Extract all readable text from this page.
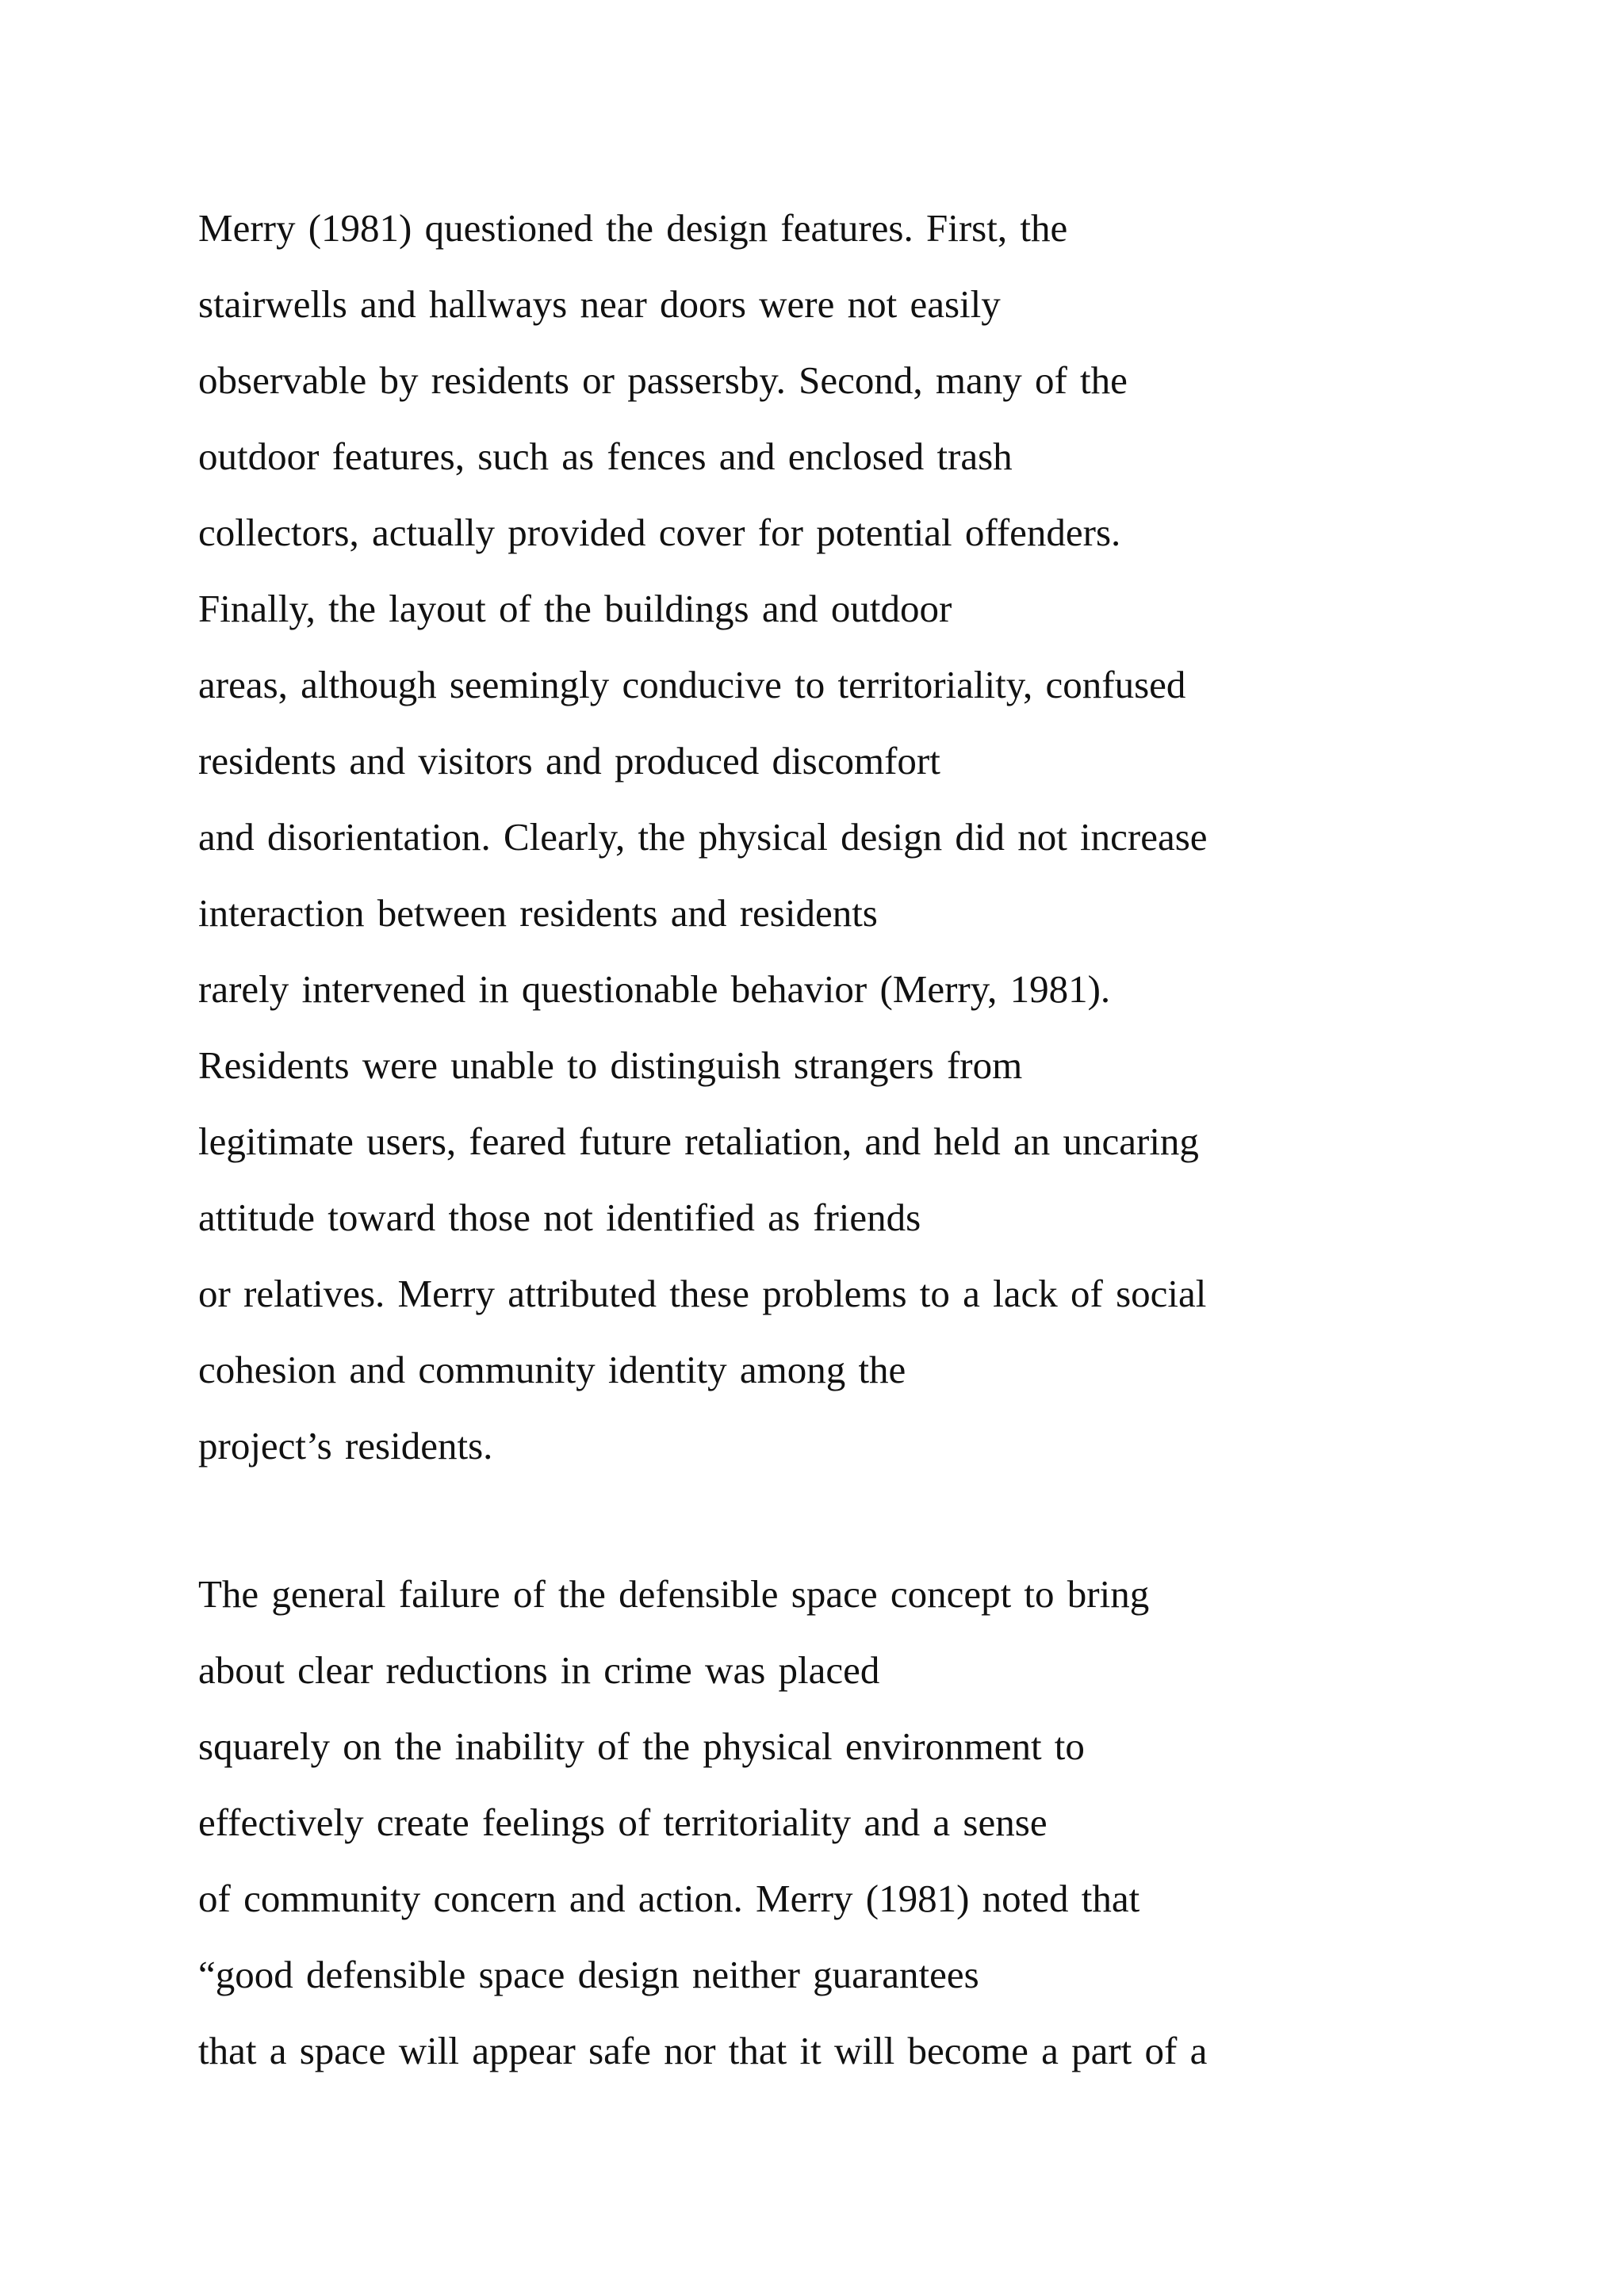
Merry (1981) questioned the design features. First, the
stairwells and hallways near doors were not easily
observable by residents or passersby. Second, many of the
outdoor features, such as fences and enclosed trash
collectors, actually provided cover for potential offenders.
Finally, the layout of the buildings and outdoor
areas, although seemingly conducive to territoriality, confused
residents and visitors and produced discomfort
and disorientation. Clearly, the physical design did not increase
interaction between residents and residents
rarely intervened in questionable behavior (Merry, 1981).
Residents were unable to distinguish strangers from
legitimate users, feared future retaliation, and held an uncaring
attitude toward those not identified as friends
or relatives. Merry attributed these problems to a lack of social
cohesion and community identity among the
project’s residents.
The general failure of the defensible space concept to bring
about clear reductions in crime was placed
squarely on the inability of the physical environment to
effectively create feelings of territoriality and a sense
of community concern and action. Merry (1981) noted that
“good defensible space design neither guarantees
that a space will appear safe nor that it will become a part of a
